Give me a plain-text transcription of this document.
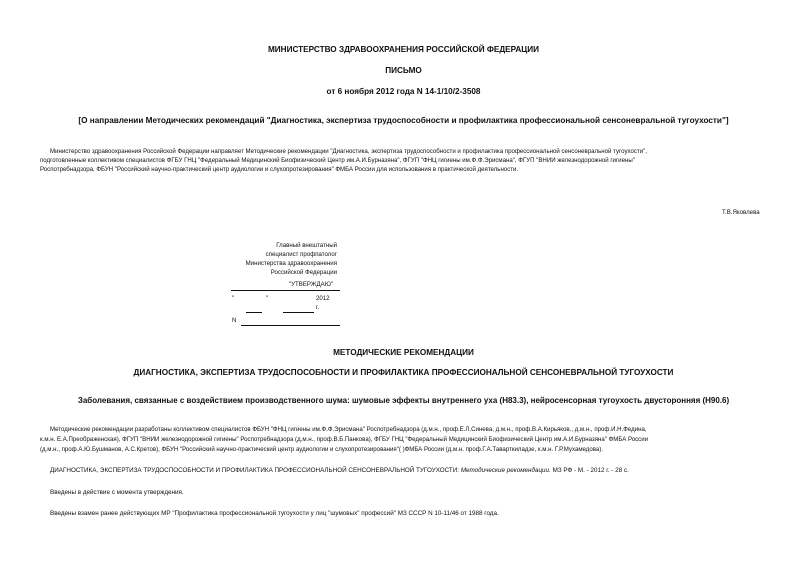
МИНИСТЕРСТВО ЗДРАВООХРАНЕНИЯ РОССИЙСКОЙ ФЕДЕРАЦИИ
ПИСЬМО
от 6 ноября 2012 года N 14-1/10/2-3508
[О направлении Методических рекомендаций "Диагностика, экспертиза трудоспособности и профилактика профессиональной сенсоневральной тугоухости"]
Министерство здравоохранения Российской Федерации направляет Методические рекомендации "Диагностика, экспертиза трудоспособности и профилактика профессиональной сенсоневральной тугоухости",
подготовленные коллективом специалистов ФГБУ ГНЦ "Федеральный Медицинский Биофизический Центр им.А.И.Бурназяна", ФГУП "ФНЦ гигиены им.Ф.Ф.Эрисмана", ФГУП "ВНИИ железнодорожной гигиены"
Роспотребнадзора, ФБУН "Российский научно-практический центр аудиологии и слухопротезирования" ФМБА России для использования в практической деятельности.
Т.В.Яковлева
Главный внештатный
специалист профпатолог
Министерства здравоохранения
Российской Федерации
"УТВЕРЖДАЮ"
"	"	2012
г.
N
МЕТОДИЧЕСКИЕ РЕКОМЕНДАЦИИ
ДИАГНОСТИКА, ЭКСПЕРТИЗА ТРУДОСПОСОБНОСТИ И ПРОФИЛАКТИКА ПРОФЕССИОНАЛЬНОЙ СЕНСОНЕВРАЛЬНОЙ ТУГОУХОСТИ
Заболевания, связанные с воздействием производственного шума: шумовые эффекты внутреннего уха (Н83.3), нейросенсорная тугоухость двусторонняя (Н90.6)
Методические рекомендации разработаны коллективом специалистов ФБУН "ФНЦ гигиены им.Ф.Ф.Эрисмана" Роспотребнадзора (д.м.н., проф.Е.Л.Синева, д.м.н., проф.В.А.Кирьяков., д.м.н., проф.И.Н.Федина,
к.м.н. Е.А.Преображенская), ФГУП "ВНИИ железнодорожной гигиены" Роспотребнадзора (д.м.н., проф.В.Б.Панкова), ФГБУ ГНЦ "Федеральный Медицинский Биофизический Центр им.А.И.Бурназяна" ФМБА России
(д.м.н., проф.А.Ю.Бушманов, А.С.Кретов), ФБУН "Российский научно-практический центр аудиологии и слухопротезирования"( )ФМБА России (д.м.н. проф.Г.А.Таварткиладзе, к.м.н. Г.Р.Мухамедова).
ДИАГНОСТИКА, ЭКСПЕРТИЗА ТРУДОСПОСОБНОСТИ И ПРОФИЛАКТИКА ПРОФЕССИОНАЛЬНОЙ СЕНСОНЕВРАЛЬНОЙ ТУГОУХОСТИ: Методические рекомендации. МЗ РФ - М. - 2012 г. - 28 с.
Введены в действие с момента утверждения.
Введены взамен ранее действующих МР "Профилактика профессиональной тугоухости у лиц "шумовых" профессий" МЗ СССР N 10-11/46 от 1988 года.
